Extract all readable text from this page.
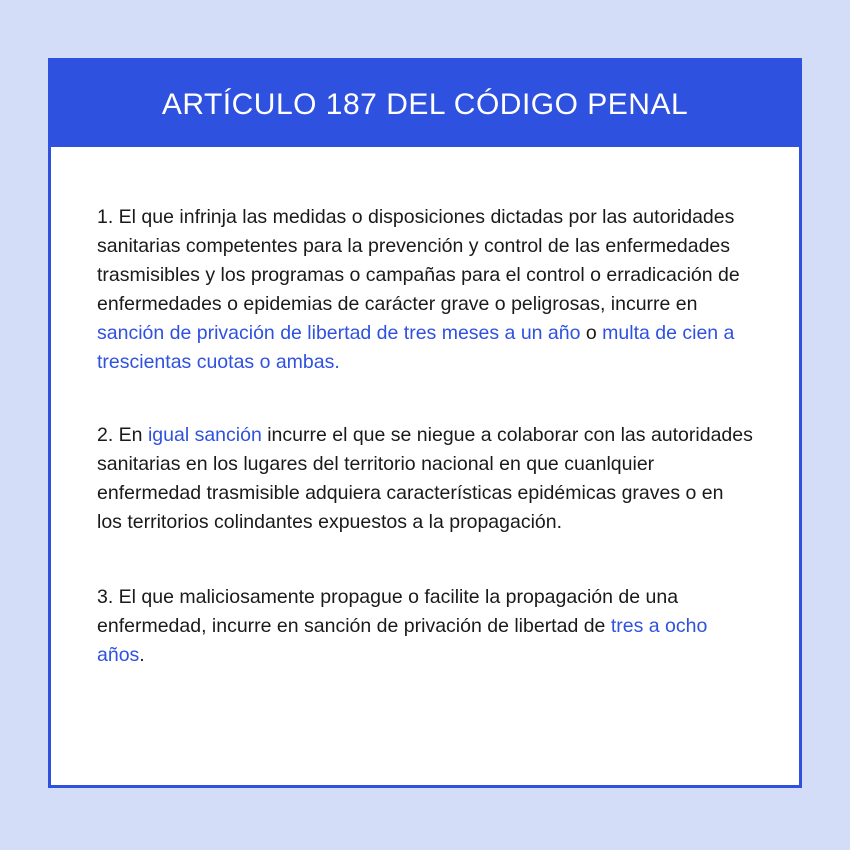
ARTÍCULO 187 DEL CÓDIGO PENAL

1. El que infrinja las medidas o disposiciones dictadas por las autoridades sanitarias competentes para la prevención y control de las enfermedades trasmisibles y los programas o campañas para el control o erradicación de enfermedades o epidemias de carácter grave o peligrosas, incurre en sanción de privación de libertad de tres meses a un año o multa de cien a trescientas cuotas o ambas.

2. En igual sanción incurre el que se niegue a colaborar con las autoridades sanitarias en los lugares del territorio nacional en que cuanlquier enfermedad trasmisible adquiera características epidémicas graves o en los territorios colindantes expuestos a la propagación.

3. El que maliciosamente propague o facilite la propagación de una enfermedad, incurre en sanción de privación de libertad de tres a ocho años.
